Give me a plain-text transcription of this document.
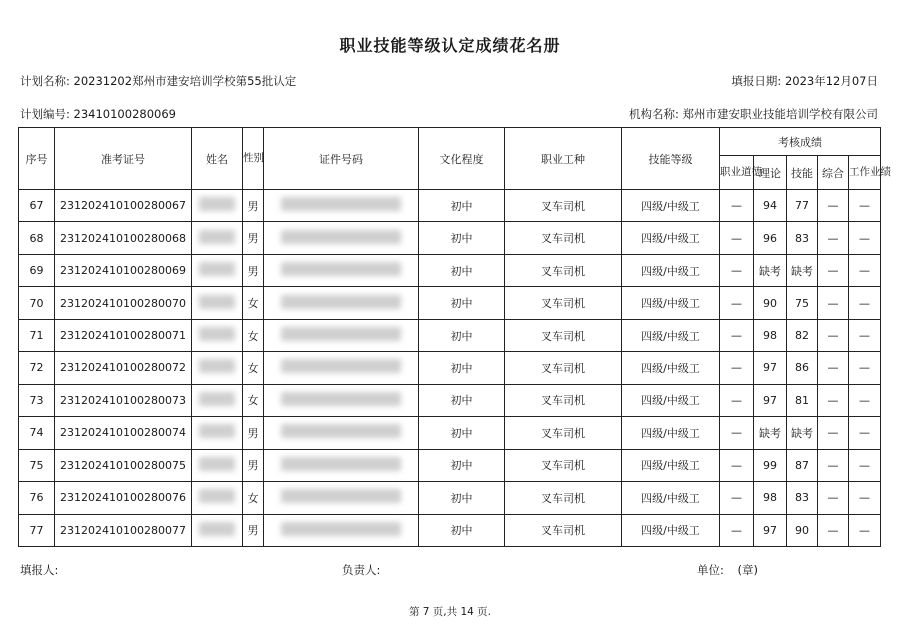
职业技能等级认定成绩花名册
计划名称: 20231202郑州市建安培训学校第55批认定	填报日期: 2023年12月07日
计划编号: 23410100280069	机构名称: 郑州市建安职业技能培训学校有限公司
序号	准考证号	姓名	性别	证件号码	文化程度	职业工种	技能等级	考核成绩				
								职业道德	理论	技能	综合	工作业绩
67	231202410100280067		男		初中	叉车司机	四级/中级工	—	94	77	—	—
68	231202410100280068		男		初中	叉车司机	四级/中级工	—	96	83	—	—
69	231202410100280069		男		初中	叉车司机	四级/中级工	—	缺考	缺考	—	—
70	231202410100280070		女		初中	叉车司机	四级/中级工	—	90	75	—	—
71	231202410100280071		女		初中	叉车司机	四级/中级工	—	98	82	—	—
72	231202410100280072		女		初中	叉车司机	四级/中级工	—	97	86	—	—
73	231202410100280073		女		初中	叉车司机	四级/中级工	—	97	81	—	—
74	231202410100280074		男		初中	叉车司机	四级/中级工	—	缺考	缺考	—	—
75	231202410100280075		男		初中	叉车司机	四级/中级工	—	99	87	—	—
76	231202410100280076		女		初中	叉车司机	四级/中级工	—	98	83	—	—
77	231202410100280077		男		初中	叉车司机	四级/中级工	—	97	90	—	—
填报人:	负责人:	单位: (章)
第 7 页,共 14 页.
